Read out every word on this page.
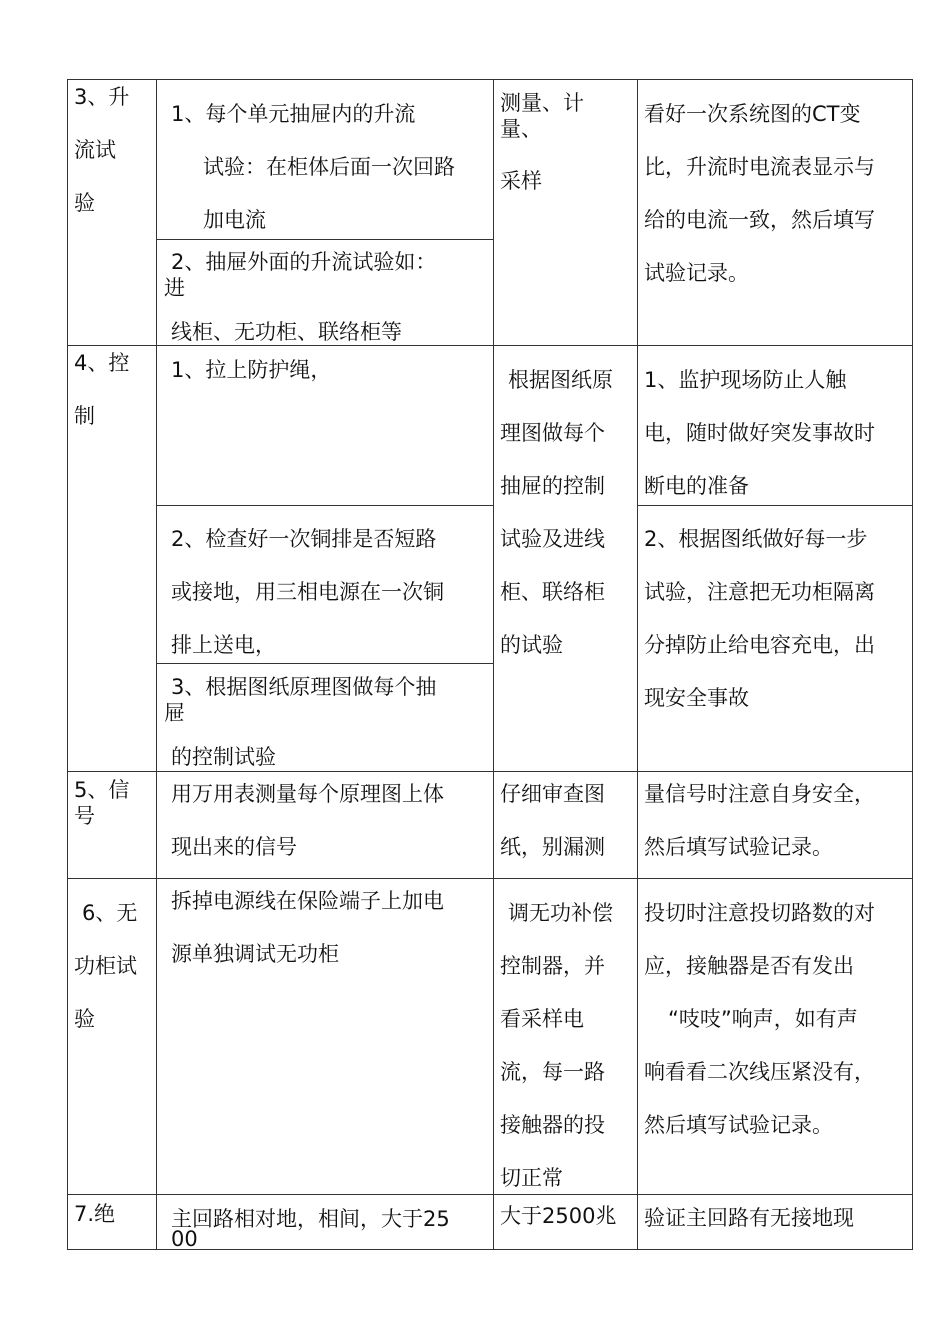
3、升

流试

验

1、每个单元抽屉内的升流

试验：在柜体后面一次回路

加电流

2、抽屉外面的升流试验如：

进

线柜、无功柜、联络柜等

测量、计

量、

采样

看好一次系统图的CT变

比，升流时电流表显示与

给的电流一致，然后填写

试验记录。

4、控

制

1、拉上防护绳，

2、检查好一次铜排是否短路

或接地，用三相电源在一次铜

排上送电，

3、根据图纸原理图做每个抽

屉

的控制试验

根据图纸原

理图做每个

抽屉的控制

试验及进线

柜、联络柜

的试验

1、监护现场防止人触

电，随时做好突发事故时

断电的准备

2、根据图纸做好每一步

试验，注意把无功柜隔离

分掉防止给电容充电，出

现安全事故

5、信

号

用万用表测量每个原理图上体

现出来的信号

仔细审查图

纸，别漏测

量信号时注意自身安全，

然后填写试验记录。

6、无

功柜试

验

拆掉电源线在保险端子上加电

源单独调试无功柜

调无功补偿

控制器，并

看采样电

流，每一路

接触器的投

切正常

投切时注意投切路数的对

应，接触器是否有发出

“吱吱”响声，如有声

响看看二次线压紧没有，

然后填写试验记录。

7.绝	主回路相对地，相间，大于25

00

大于2500兆	验证主回路有无接地现
